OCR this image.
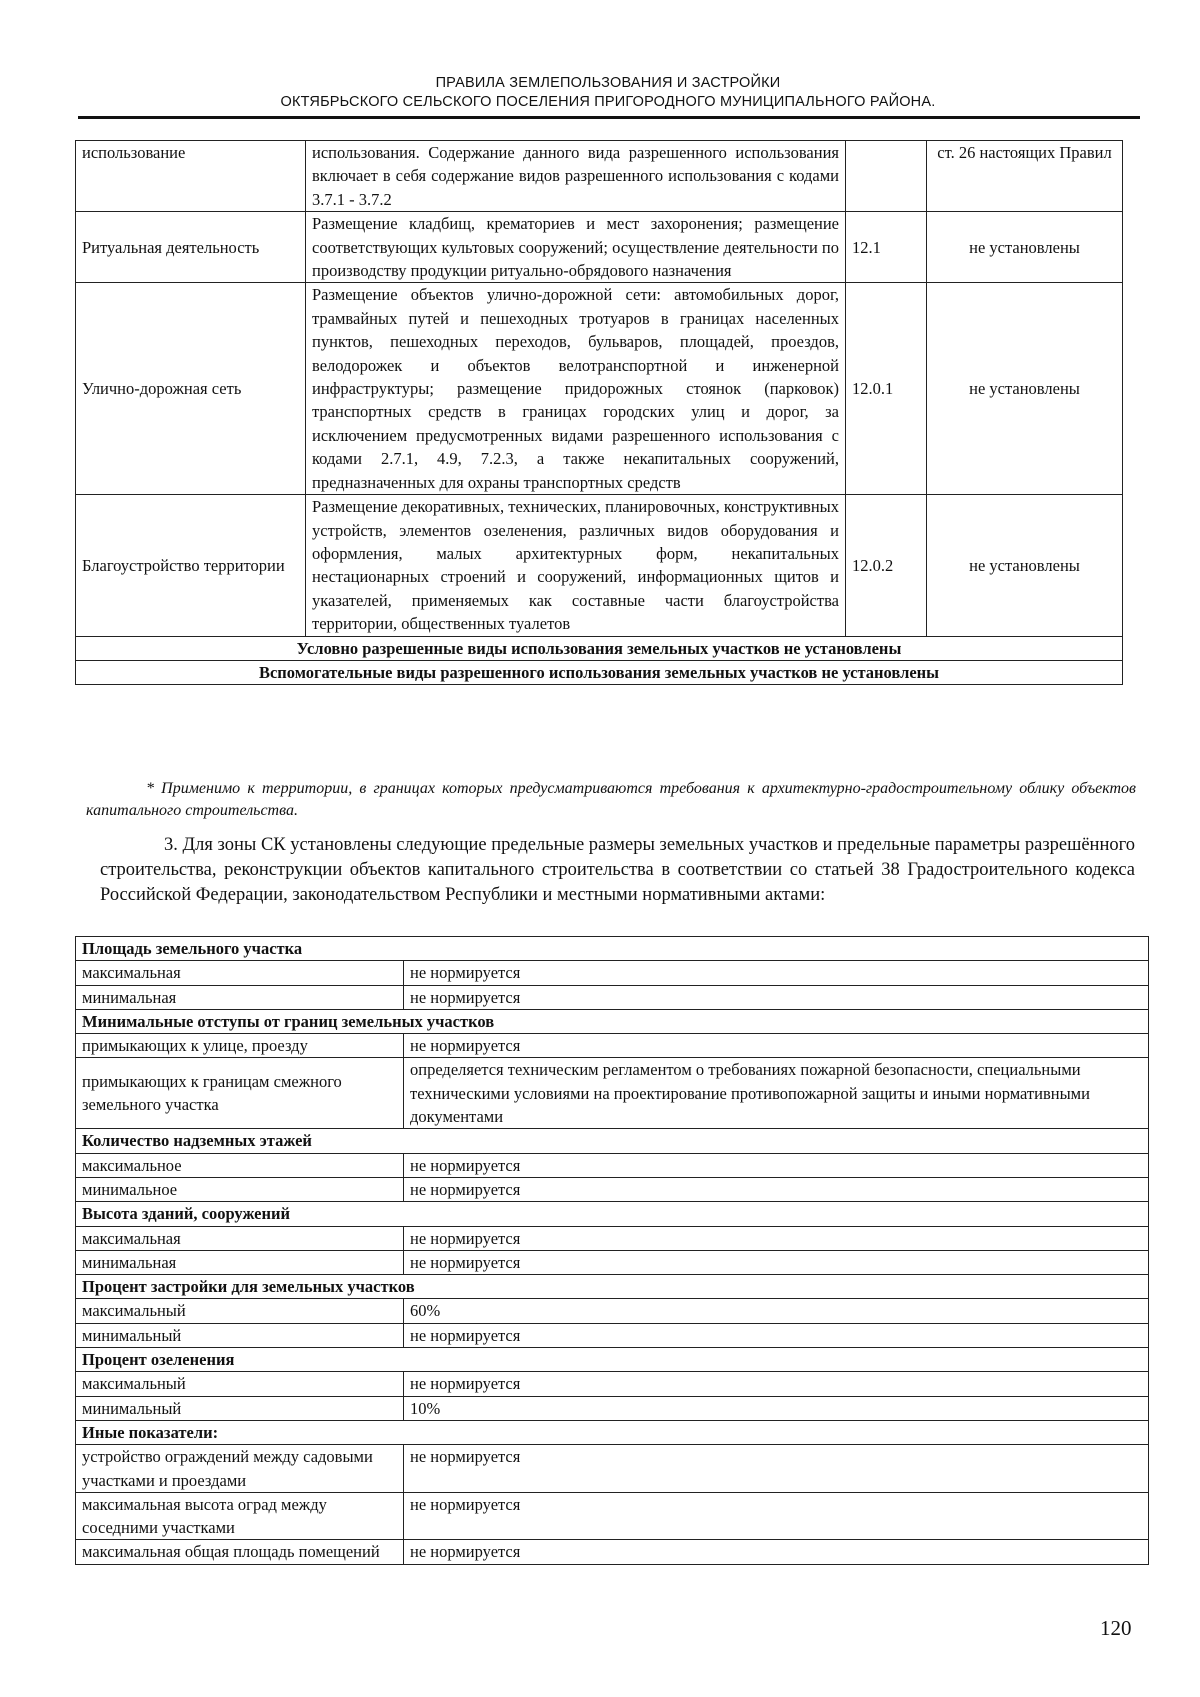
ПРАВИЛА ЗЕМЛЕПОЛЬЗОВАНИЯ И ЗАСТРОЙКИ
ОКТЯБРЬСКОГО СЕЛЬСКОГО ПОСЕЛЕНИЯ ПРИГОРОДНОГО МУНИЦИПАЛЬНОГО РАЙОНА.
использование	использования. Содержание данного вида разрешенного использования включает в себя содержание видов разрешенного использования с кодами 3.7.1 - 3.7.2		ст. 26 настоящих Правил
Ритуальная деятельность	Размещение кладбищ, крематориев и мест захоронения; размещение соответствующих культовых сооружений; осуществление деятельности по производству продукции ритуально-обрядового назначения	12.1	не установлены
Улично-дорожная сеть	Размещение объектов улично-дорожной сети: автомобильных дорог, трамвайных путей и пешеходных тротуаров в границах населенных пунктов, пешеходных переходов, бульваров, площадей, проездов, велодорожек и объектов велотранспортной и инженерной инфраструктуры; размещение придорожных стоянок (парковок) транспортных средств в границах городских улиц и дорог, за исключением предусмотренных видами разрешенного использования с кодами 2.7.1, 4.9, 7.2.3, а также некапитальных сооружений, предназначенных для охраны транспортных средств	12.0.1	не установлены
Благоустройство территории	Размещение декоративных, технических, планировочных, конструктивных устройств, элементов озеленения, различных видов оборудования и оформления, малых архитектурных форм, некапитальных нестационарных строений и сооружений, информационных щитов и указателей, применяемых как составные части благоустройства территории, общественных туалетов	12.0.2	не установлены
Условно разрешенные виды использования земельных участков не установлены			
Вспомогательные виды разрешенного использования земельных участков не установлены			
* Применимо к территории, в границах которых предусматриваются требования к архитектурно-градостроительному облику объектов капитального строительства.
3. Для зоны СК установлены следующие предельные размеры земельных участков и предельные параметры разрешённого строительства, реконструкции объектов капитального строительства в соответствии со статьей 38 Градостроительного кодекса Российской Федерации, законодательством Республики и местными нормативными актами:
Площадь земельного участка	
максимальная	не нормируется
минимальная	не нормируется
Минимальные отступы от границ земельных участков	
примыкающих к улице, проезду	не нормируется
примыкающих к границам смежного земельного участка	определяется техническим регламентом о требованиях пожарной безопасности, специальными техническими условиями на проектирование противопожарной защиты и иными нормативными документами
Количество надземных этажей	
максимальное	не нормируется
минимальное	не нормируется
Высота зданий, сооружений	
максимальная	не нормируется
минимальная	не нормируется
Процент застройки для земельных участков	
максимальный	60%
минимальный	не нормируется
Процент озеленения	
максимальный	не нормируется
минимальный	10%
Иные показатели:	
устройство ограждений между садовыми участками и проездами	не нормируется
максимальная высота оград между соседними участками	не нормируется
максимальная общая площадь помещений	не нормируется
120
